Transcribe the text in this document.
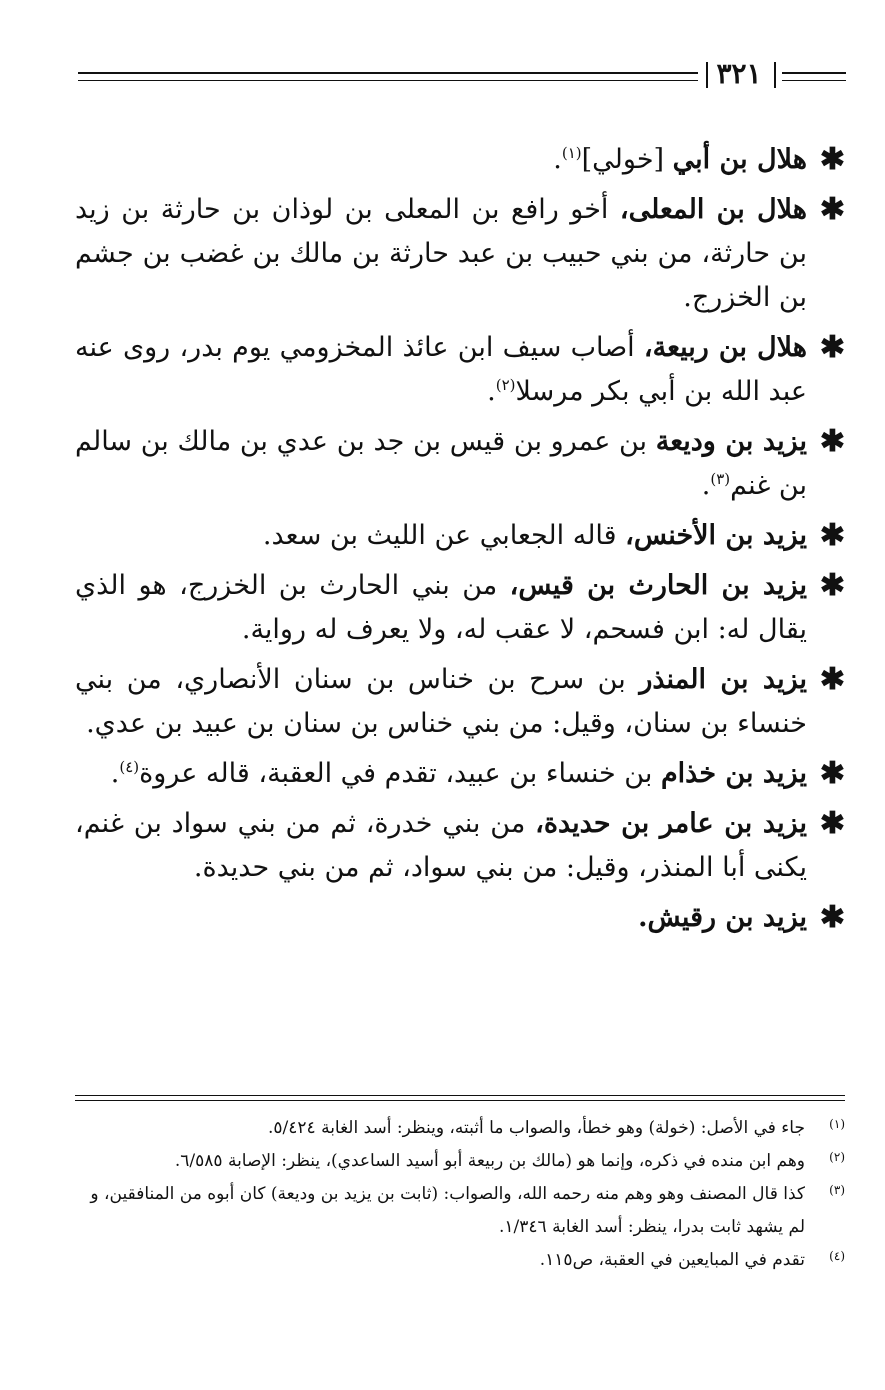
٣٢١

✱
هلال بن أبي [خولي]$^{(١)}$.

✱
هلال بن المعلى، أخو رافع بن المعلى بن لوذان بن حارثة بن زيد بن حارثة، من بني حبيب بن عبد حارثة بن مالك بن غضب بن جشم بن الخزرج.

✱
هلال بن ربيعة، أصاب سيف ابن عائذ المخزومي يوم بدر، روى عنه عبد الله بن أبي بكر مرسلا$^{(٢)}$.

✱
يزيد بن وديعة بن عمرو بن قيس بن جد بن عدي بن مالك بن سالم بن غنم$^{(٣)}$.

✱
يزيد بن الأخنس، قاله الجعابي عن الليث بن سعد.

✱
يزيد بن الحارث بن قيس، من بني الحارث بن الخزرج، هو الذي يقال له: ابن فسحم، لا عقب له، ولا يعرف له رواية.

✱
يزيد بن المنذر بن سرح بن خناس بن سنان الأنصاري، من بني خنساء بن سنان، وقيل: من بني خناس بن سنان بن عبيد بن عدي.

✱
يزيد بن خذام بن خنساء بن عبيد، تقدم في العقبة، قاله عروة$^{(٤)}$.

✱
يزيد بن عامر بن حديدة، من بني خدرة، ثم من بني سواد بن غنم، يكنى أبا المنذر، وقيل: من بني سواد، ثم من بني حديدة.

✱
يزيد بن رقيش.

(١)
جاء في الأصل: (خولة) وهو خطأ، والصواب ما أثبته، وينظر: أسد الغابة ٥/٤٢٤.

(٢)
وهم ابن منده في ذكره، وإنما هو (مالك بن ربيعة أبو أسيد الساعدي)، ينظر: الإصابة ٦/٥٨٥.

(٣)
كذا قال المصنف وهو وهم منه رحمه الله، والصواب: (ثابت بن يزيد بن وديعة) كان أبوه من المنافقين، و لم يشهد ثابت بدرا، ينظر: أسد الغابة ١/٣٤٦.

(٤)
تقدم في المبايعين في العقبة، ص١١٥.
